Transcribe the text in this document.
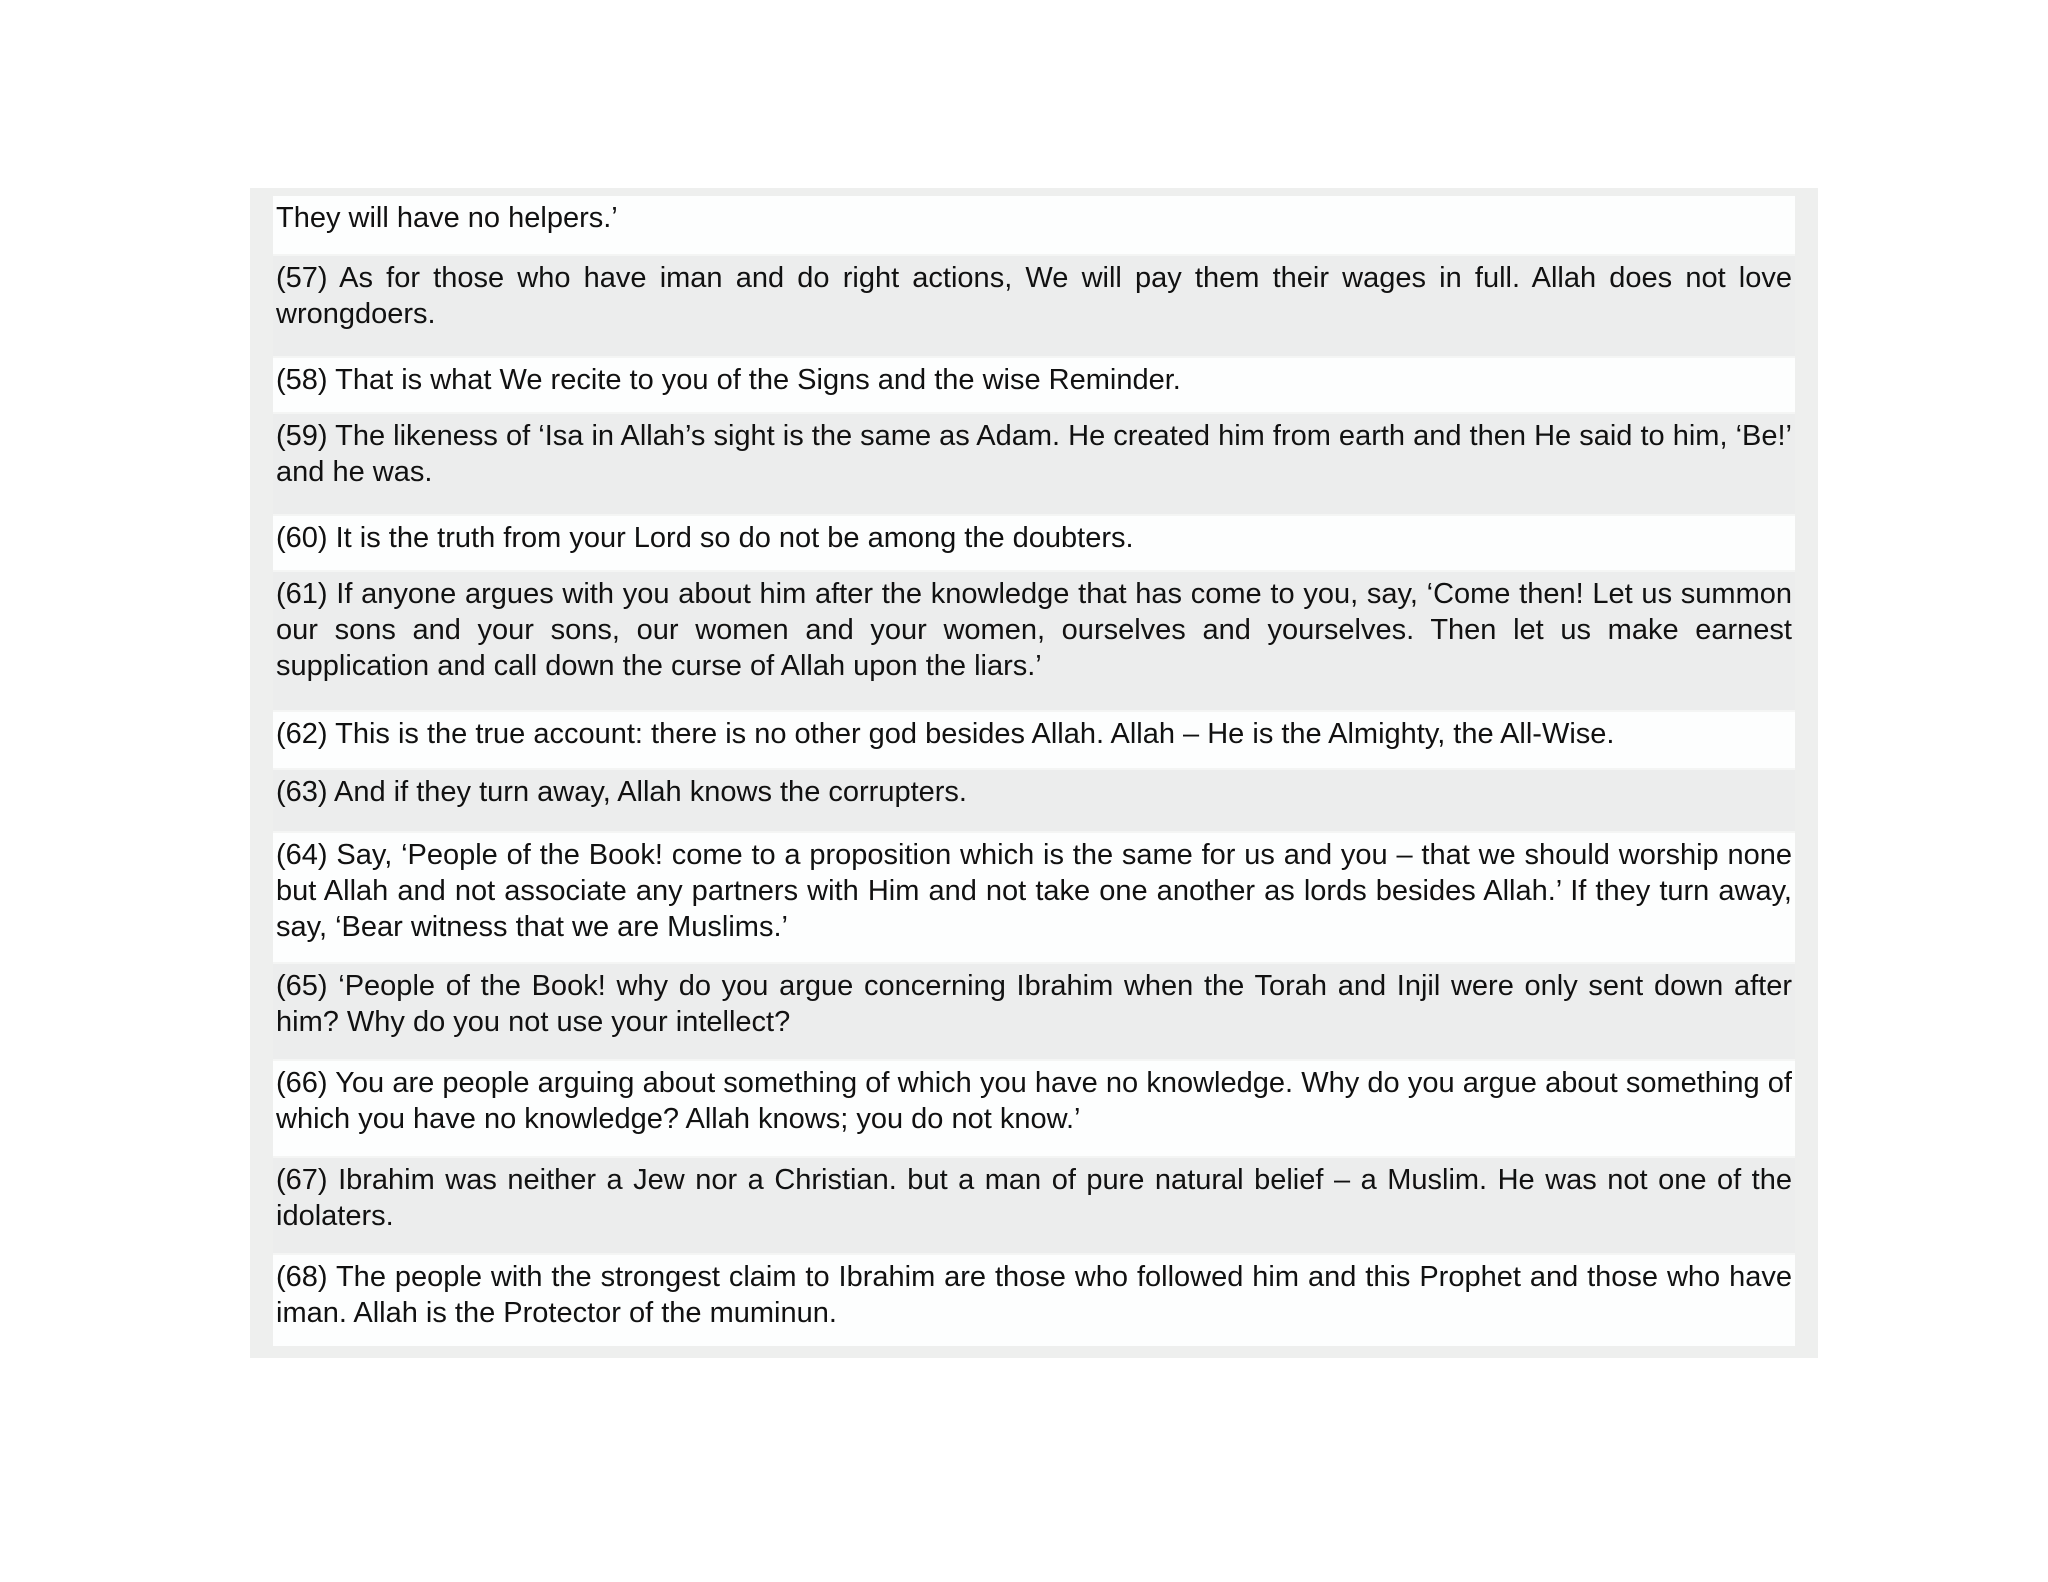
They will have no helpers.’
(57) As for those who have iman and do right actions, We will pay them their wages in full. Allah does not love wrongdoers.
(58) That is what We recite to you of the Signs and the wise Reminder.
(59) The likeness of ‘Isa in Allah’s sight is the same as Adam. He created him from earth and then He said to him, ‘Be!’ and he was.
(60) It is the truth from your Lord so do not be among the doubters.
(61) If anyone argues with you about him after the knowledge that has come to you, say, ‘Come then! Let us summon our sons and your sons, our women and your women, ourselves and yourselves. Then let us make earnest supplication and call down the curse of Allah upon the liars.’
(62) This is the true account: there is no other god besides Allah. Allah – He is the Almighty, the All-Wise.
(63) And if they turn away, Allah knows the corrupters.
(64) Say, ‘People of the Book! come to a proposition which is the same for us and you – that we should worship none but Allah and not associate any partners with Him and not take one another as lords besides Allah.’ If they turn away, say, ‘Bear witness that we are Muslims.’
(65) ‘People of the Book! why do you argue concerning Ibrahim when the Torah and Injil were only sent down after him? Why do you not use your intellect?
(66) You are people arguing about something of which you have no knowledge. Why do you argue about something of which you have no knowledge? Allah knows; you do not know.’
(67) Ibrahim was neither a Jew nor a Christian. but a man of pure natural belief – a Muslim. He was not one of the idolaters.
(68) The people with the strongest claim to Ibrahim are those who followed him and this Prophet and those who have iman. Allah is the Protector of the muminun.
